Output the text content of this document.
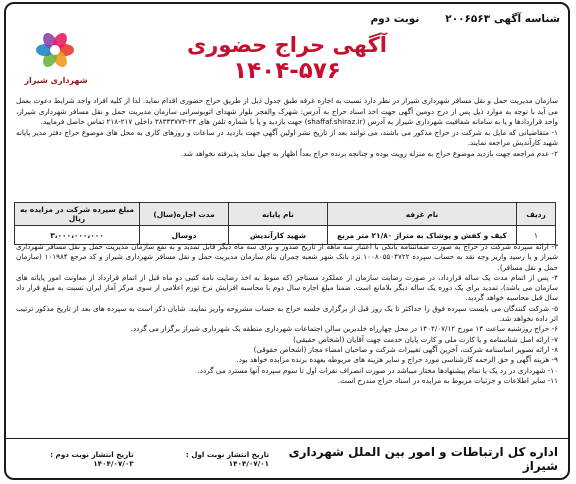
شناسه آگهی ۲۰۰۶۵۶۳
نوبت دوم
شهرداری شیراز
آگهی حراج حضوری
۱۴۰۴-۵۷۶

سازمان مدیریت حمل و نقل مسافر شهرداری شیراز در نظر دارد نسبت به اجاره غرفه طبق جدول ذیل از طریق حراج حضوری اقدام نماید. لذا از کلیه افراد واجد شرایط دعوت بعمل می آید با توجه به موارد ذیل پس از درج دومین آگهی جهت اخذ اسناد حراج به آدرس: شهرک والفجر بلوار شهدای اتوبوسرانی سازمان مدیریت حمل و نقل مسافر شهرداری شیراز، واحد قراردادها و یا به سامانه شفافیت شهرداری شیراز به آدرس (shaffaf.shiraz.ir) جهت بازدید و یا با شماره تلفن های ۲۴-۳۸۳۳۳۷۷۳ داخلی ۲۱۷-۲۱۸ تماس حاصل فرمایید.

۱- متقاضیانی که مایل به شرکت در حراج مذکور می باشند، می توانند بعد از تاریخ نشر اولین آگهی جهت بازدید در ساعات و روزهای کاری به محل های موضوع حراج دفتر مدیر پایانه شهید کارآندیش مراجعه نمایند.

۲- عدم مراجعه جهت بازدید موضوع حراج به منزله رویت بوده و چنانچه برنده حراج بعداً اظهار به جهل نماید پذیرفته نخواهد شد.

ردیف	نام غرفه	نام پایانه	مدت اجاره(سال)	مبلغ سپرده شرکت در مزایده به ریال
۱	کیف و کفش و پوشاک به متراژ ۲۱/۸۰ متر مربع	شهید کارآندیش	دوسال	۳،۰۰۰،۰۰۰،۰۰۰

۳- ارائه سپرده شرکت در حراج به صورت ضمانتنامه بانکی با اعتبار سه ماهه از تاریخ صدور و برای سه ماه دیگر قابل تمدید و به نفع سازمان مدیریت حمل و نقل مسافر شهرداری شیراز و یا رسید واریز وجه نقد به حساب سپرده ۱۰۰۸۰۵۵۰۴۷۲۲ نزد بانک شهر شعبه چمران بنام سازمان مدیریت حمل و نقل مسافر شهرداری شیراز و کد مرجع ۱۰۱۹۸۴ (سازمان حمل و نقل مسافر).

۴- پس از اتمام مدت یک ساله قرارداد، در صورت رضایت سازمان از عملکرد مستاجر (که منوط به اخذ رضایت نامه کتبی دو ماه قبل از اتمام قرارداد از معاونت امور پایانه های سازمان می باشد)، تمدید برای یک دوره یک ساله دیگر بلامانع است. ضمنا مبلغ اجاره سال دوم با محاسبه افزایش نرخ تورم اعلامی از سوی مرکز آمار ایران نسبت به مبلغ قرار داد سال قبل محاسبه خواهد گردید.

۵- شرکت کنندگان می بایست سپرده فوق را حداکثر تا یک روز قبل از برگزاری جلسه حراج به حساب مشروحه واریز نمایند. شایان ذکر است به سپرده های بعد از تاریخ مذکور ترتیب اثر داده نخواهد شد.

۶- حراج روزشنبه ساعت ۱۳ مورخ ۱۴۰۴/۰۷/۱۲ در محل چهارراه خلدبرین سالن اجتماعات شهرداری منطقه یک شهرداری شیراز برگزار می گردد.

۷- ارائه اصل شناسنامه و یا کارت ملی و کارت پایان خدمت جهت آقایان (اشخاص حقیقی)

۸- ارائه تصویر اساسنامه شرکت، آخرین آگهی تغییرات شرکت و صاحبان امضاء مجاز (اشخاص حقوقی)

۹- هزینه آگهی و حق الزحمه کارشناسی مورد حراج و سایر هزینه های مربوطه بعهده برنده مزایده خواهد بود.

۱۰- شهرداری در رد یک یا تمام پیشنهادها مختار میباشد در صورت انصراف نفرات اول تا سوم سپرده آنها مسترد می گردد.

۱۱- سایر اطلاعات و جزئیات مربوط به مزایده در اسناد حراج مندرج است.

اداره کل ارتباطات و امور بین الملل شهرداری شیراز
تاریخ انتشار نوبت اول : ۱۴۰۴/۰۷/۰۱
تاریخ انتشار نوبت دوم : ۱۴۰۴/۰۷/۰۳
